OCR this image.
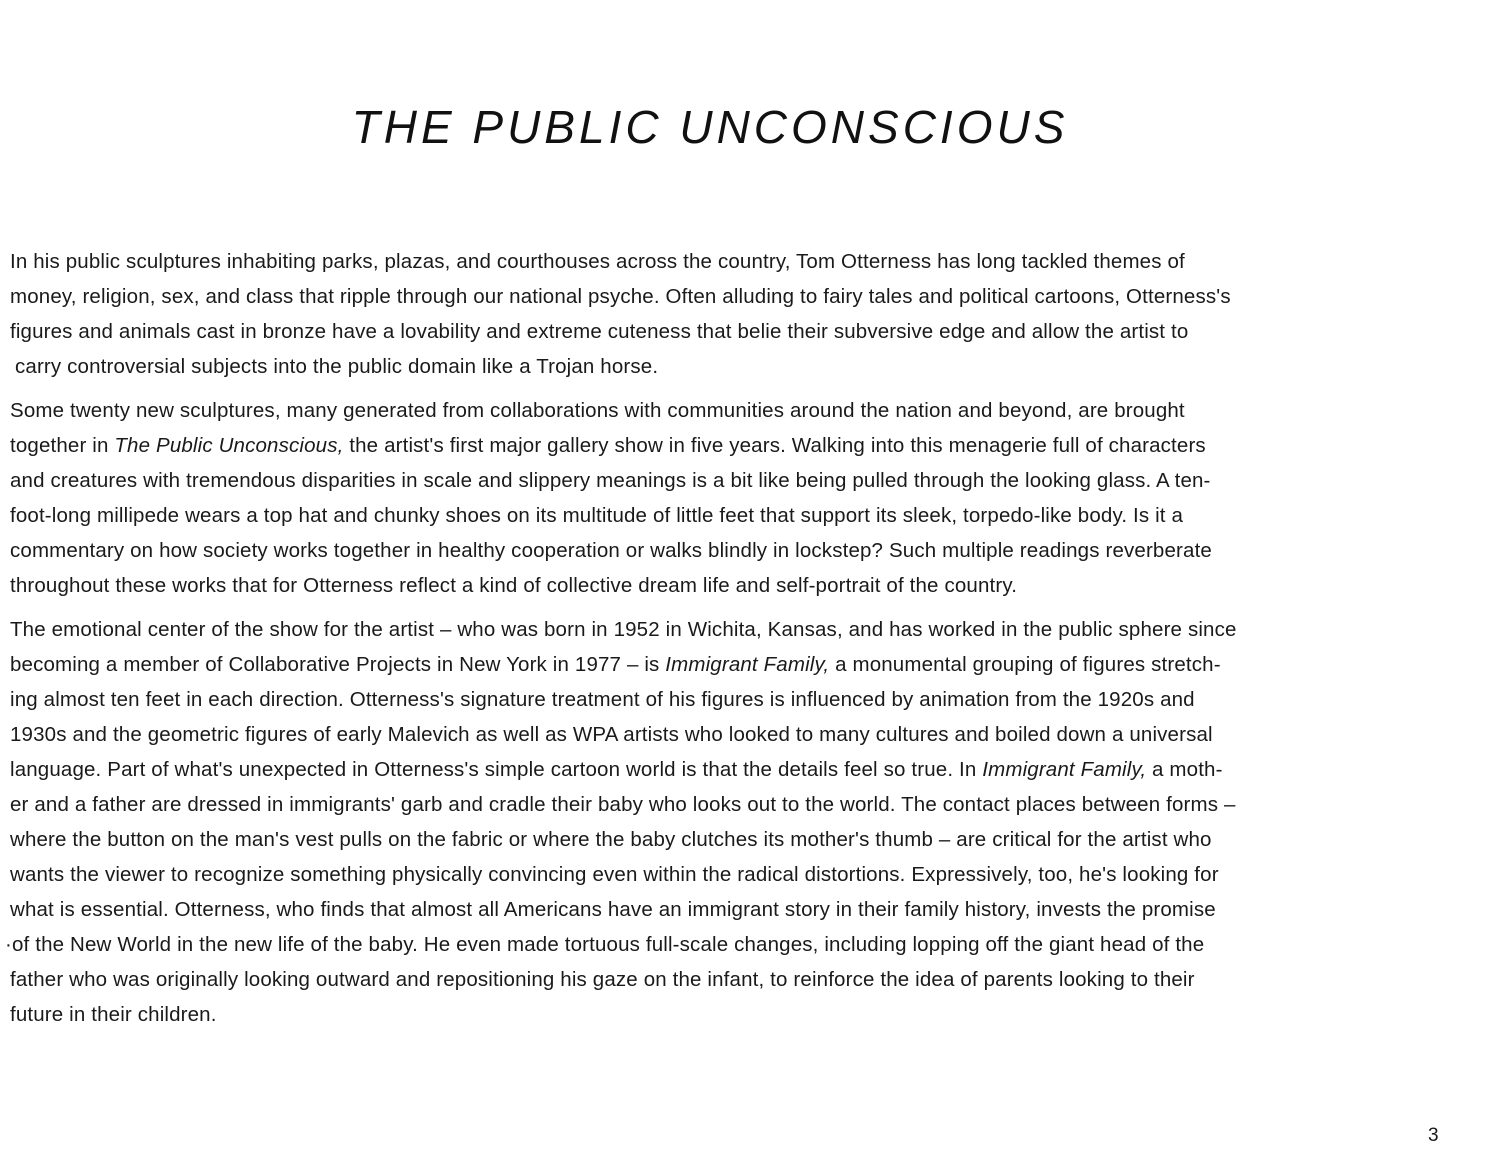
THE PUBLIC UNCONSCIOUS

In his public sculptures inhabiting parks, plazas, and courthouses across the country, Tom Otterness has long tackled themes of
money, religion, sex, and class that ripple through our national psyche. Often alluding to fairy tales and political cartoons, Otterness's
figures and animals cast in bronze have a lovability and extreme cuteness that belie their subversive edge and allow the artist to
carry controversial subjects into the public domain like a Trojan horse.

Some twenty new sculptures, many generated from collaborations with communities around the nation and beyond, are brought
together in The Public Unconscious, the artist's first major gallery show in five years. Walking into this menagerie full of characters
and creatures with tremendous disparities in scale and slippery meanings is a bit like being pulled through the looking glass. A ten-
foot-long millipede wears a top hat and chunky shoes on its multitude of little feet that support its sleek, torpedo-like body. Is it a
commentary on how society works together in healthy cooperation or walks blindly in lockstep? Such multiple readings reverberate
throughout these works that for Otterness reflect a kind of collective dream life and self-portrait of the country.

The emotional center of the show for the artist – who was born in 1952 in Wichita, Kansas, and has worked in the public sphere since
becoming a member of Collaborative Projects in New York in 1977 – is Immigrant Family, a monumental grouping of figures stretch-
ing almost ten feet in each direction. Otterness's signature treatment of his figures is influenced by animation from the 1920s and
1930s and the geometric figures of early Malevich as well as WPA artists who looked to many cultures and boiled down a universal
language. Part of what's unexpected in Otterness's simple cartoon world is that the details feel so true. In Immigrant Family, a moth-
er and a father are dressed in immigrants' garb and cradle their baby who looks out to the world. The contact places between forms –
where the button on the man's vest pulls on the fabric or where the baby clutches its mother's thumb – are critical for the artist who
wants the viewer to recognize something physically convincing even within the radical distortions. Expressively, too, he's looking for
what is essential. Otterness, who finds that almost all Americans have an immigrant story in their family history, invests the promise
·of the New World in the new life of the baby. He even made tortuous full-scale changes, including lopping off the giant head of the
father who was originally looking outward and repositioning his gaze on the infant, to reinforce the idea of parents looking to their
future in their children.

3
